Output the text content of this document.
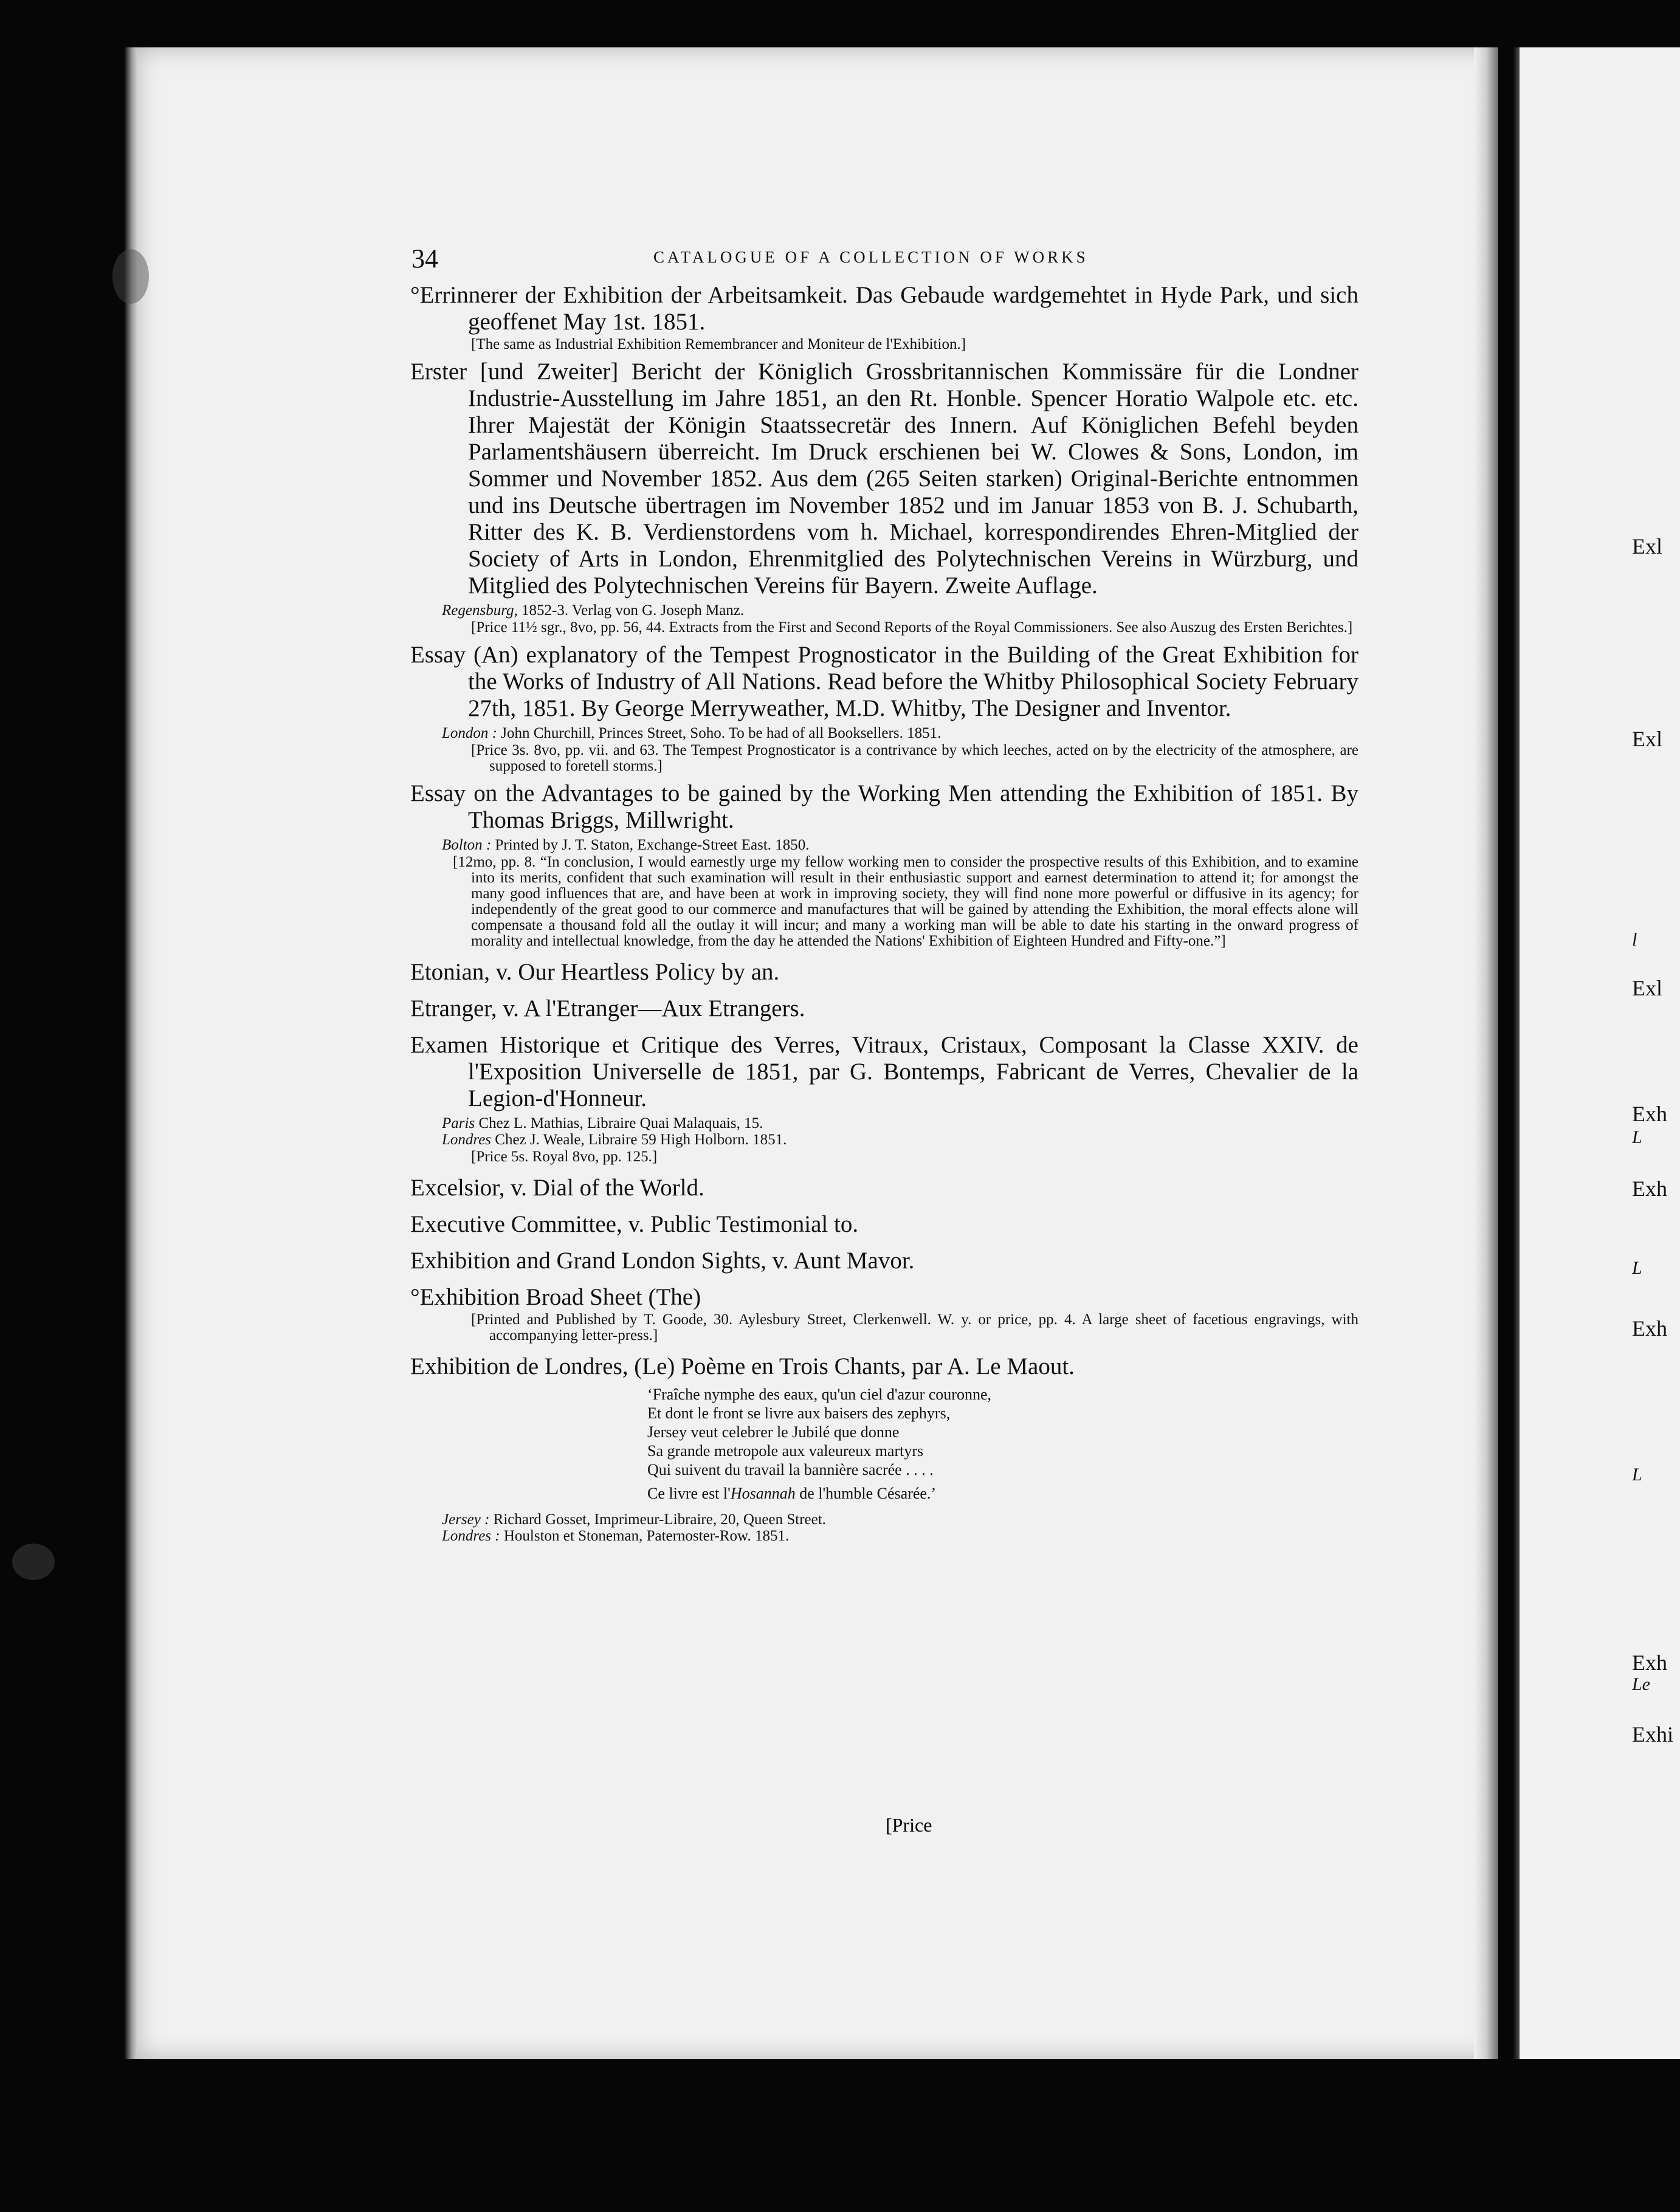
Exl
Exl
l
Exl
Exh
L
Exh
L
L
Exh
Exh
Le
Exhi
34	CATALOGUE OF A COLLECTION OF WORKS
°Errinnerer der Exhibition der Arbeitsamkeit. Das Gebaude wardgemehtet in Hyde Park, und sich geoffenet May 1st. 1851.
[The same as Industrial Exhibition Remembrancer and Moniteur de l'Exhibition.]
Erster [und Zweiter] Bericht der Königlich Grossbritannischen Kommissäre für die Londner Industrie-Ausstellung im Jahre 1851, an den Rt. Honble. Spencer Horatio Walpole etc. etc. Ihrer Majestät der Königin Staatssecretär des Innern. Auf Königlichen Befehl beyden Parlamentshäusern überreicht. Im Druck erschienen bei W. Clowes & Sons, London, im Sommer und November 1852. Aus dem (265 Seiten starken) Original-Berichte entnommen und ins Deutsche übertragen im November 1852 und im Januar 1853 von B. J. Schubarth, Ritter des K. B. Verdienstordens vom h. Michael, korrespondirendes Ehren-Mitglied der Society of Arts in London, Ehrenmitglied des Polytechnischen Vereins in Würzburg, und Mitglied des Polytechnischen Vereins für Bayern. Zweite Auflage.
Regensburg, 1852-3. Verlag von G. Joseph Manz.
[Price 11½ sgr., 8vo, pp. 56, 44. Extracts from the First and Second Reports of the Royal Commissioners. See also Auszug des Ersten Berichtes.]
Essay (An) explanatory of the Tempest Prognosticator in the Building of the Great Exhibition for the Works of Industry of All Nations. Read before the Whitby Philosophical Society February 27th, 1851. By George Merryweather, M.D. Whitby, The Designer and Inventor.
London : John Churchill, Princes Street, Soho. To be had of all Booksellers. 1851.
[Price 3s. 8vo, pp. vii. and 63. The Tempest Prognosticator is a contrivance by which leeches, acted on by the electricity of the atmosphere, are supposed to foretell storms.]
Essay on the Advantages to be gained by the Working Men attending the Exhibition of 1851. By Thomas Briggs, Millwright.
Bolton : Printed by J. T. Staton, Exchange-Street East. 1850.
[12mo, pp. 8. “In conclusion, I would earnestly urge my fellow working men to consider the prospective results of this Exhibition, and to examine into its merits, confident that such examination will result in their enthusiastic support and earnest determination to attend it; for amongst the many good influences that are, and have been at work in improving society, they will find none more powerful or diffusive in its agency; for independently of the great good to our commerce and manufactures that will be gained by attending the Exhibition, the moral effects alone will compensate a thousand fold all the outlay it will incur; and many a working man will be able to date his starting in the onward progress of morality and intellectual knowledge, from the day he attended the Nations' Exhibition of Eighteen Hundred and Fifty-one.”]
Etonian, v. Our Heartless Policy by an.
Etranger, v. A l'Etranger—Aux Etrangers.
Examen Historique et Critique des Verres, Vitraux, Cristaux, Composant la Classe XXIV. de l'Exposition Universelle de 1851, par G. Bontemps, Fabricant de Verres, Chevalier de la Legion-d'Honneur.
Paris Chez L. Mathias, Libraire Quai Malaquais, 15.
Londres Chez J. Weale, Libraire 59 High Holborn. 1851.
[Price 5s. Royal 8vo, pp. 125.]
Excelsior, v. Dial of the World.
Executive Committee, v. Public Testimonial to.
Exhibition and Grand London Sights, v. Aunt Mavor.
°Exhibition Broad Sheet (The)
[Printed and Published by T. Goode, 30. Aylesbury Street, Clerkenwell. W. y. or price, pp. 4. A large sheet of facetious engravings, with accompanying letter-press.]
Exhibition de Londres, (Le) Poème en Trois Chants, par A. Le Maout.
‘Fraîche nymphe des eaux, qu'un ciel d'azur couronne,
Et dont le front se livre aux baisers des zephyrs,
Jersey veut celebrer le Jubilé que donne
Sa grande metropole aux valeureux martyrs
Qui suivent du travail la bannière sacrée . . . .
Ce livre est l'Hosannah de l'humble Césarée.’
Jersey : Richard Gosset, Imprimeur-Libraire, 20, Queen Street.
Londres : Houlston et Stoneman, Paternoster-Row. 1851.
[Price
